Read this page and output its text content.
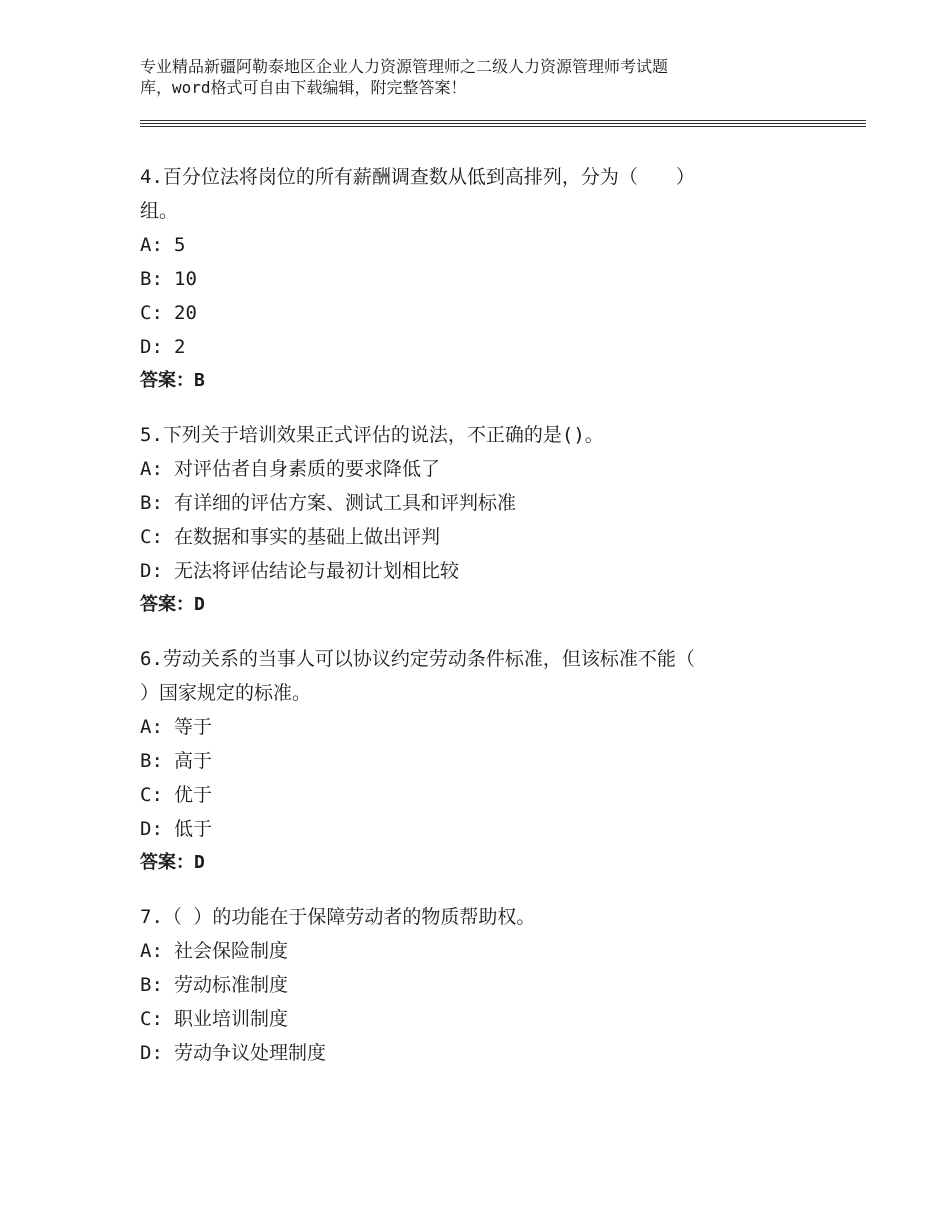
专业精品新疆阿勒泰地区企业人力资源管理师之二级人力资源管理师考试题
库，word格式可自由下载编辑，附完整答案！

4.百分位法将岗位的所有薪酬调查数从低到高排列，分为（　　）
组。

A: 5
B: 10
C: 20
D: 2
答案：B

5.下列关于培训效果正式评估的说法，不正确的是()。

A: 对评估者自身素质的要求降低了
B: 有详细的评估方案、测试工具和评判标准
C: 在数据和事实的基础上做出评判
D: 无法将评估结论与最初计划相比较
答案：D

6.劳动关系的当事人可以协议约定劳动条件标准，但该标准不能（
）国家规定的标准。

A: 等于
B: 高于
C: 优于
D: 低于
答案：D

7.（ ）的功能在于保障劳动者的物质帮助权。

A: 社会保险制度
B: 劳动标准制度
C: 职业培训制度
D: 劳动争议处理制度
